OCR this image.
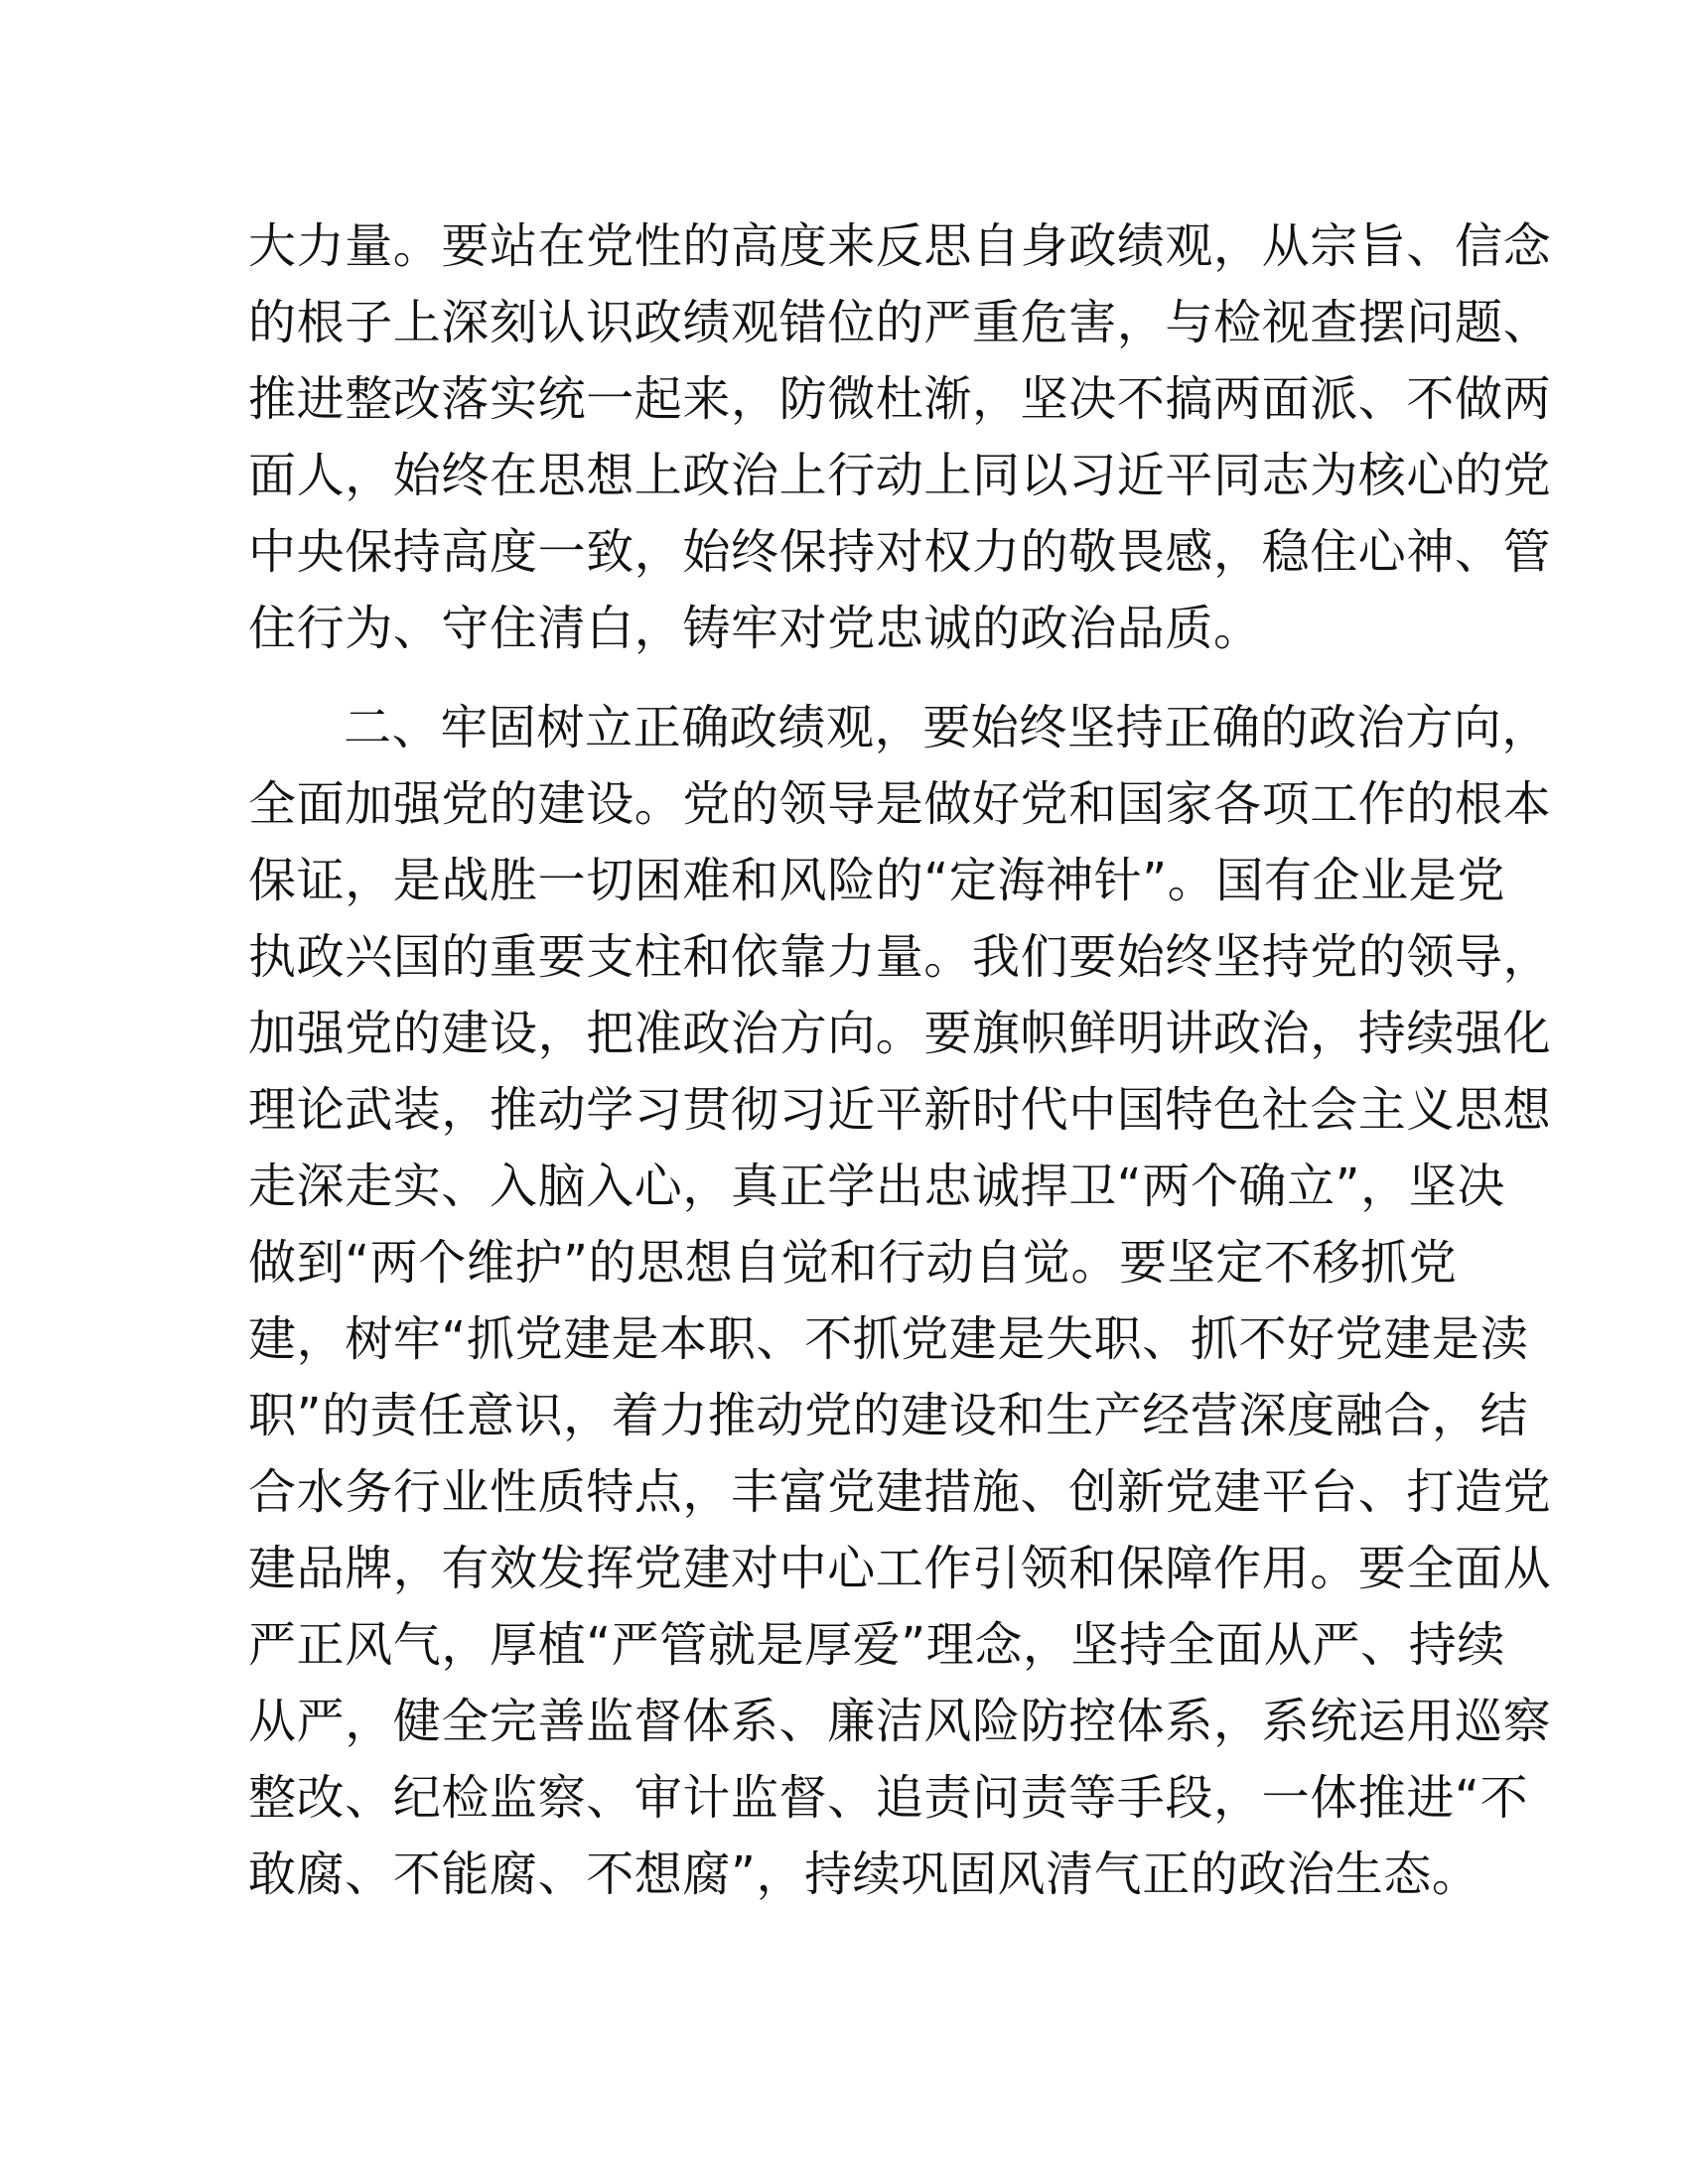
大力量。要站在党性的高度来反思自身政绩观，从宗旨、信念
的根子上深刻认识政绩观错位的严重危害，与检视查摆问题、
推进整改落实统一起来，防微杜渐，坚决不搞两面派、不做两
面人，始终在思想上政治上行动上同以习近平同志为核心的党
中央保持高度一致，始终保持对权力的敬畏感，稳住心神、管
住行为、守住清白，铸牢对党忠诚的政治品质。
二、牢固树立正确政绩观，要始终坚持正确的政治方向，
全面加强党的建设。党的领导是做好党和国家各项工作的根本
保证，是战胜一切困难和风险的“定海神针”。国有企业是党
执政兴国的重要支柱和依靠力量。我们要始终坚持党的领导，
加强党的建设，把准政治方向。要旗帜鲜明讲政治，持续强化
理论武装，推动学习贯彻习近平新时代中国特色社会主义思想
走深走实、入脑入心，真正学出忠诚捍卫“两个确立”，坚决
做到“两个维护”的思想自觉和行动自觉。要坚定不移抓党
建，树牢“抓党建是本职、不抓党建是失职、抓不好党建是渎
职”的责任意识，着力推动党的建设和生产经营深度融合，结
合水务行业性质特点，丰富党建措施、创新党建平台、打造党
建品牌，有效发挥党建对中心工作引领和保障作用。要全面从
严正风气，厚植“严管就是厚爱”理念，坚持全面从严、持续
从严，健全完善监督体系、廉洁风险防控体系，系统运用巡察
整改、纪检监察、审计监督、追责问责等手段，一体推进“不
敢腐、不能腐、不想腐”，持续巩固风清气正的政治生态。
